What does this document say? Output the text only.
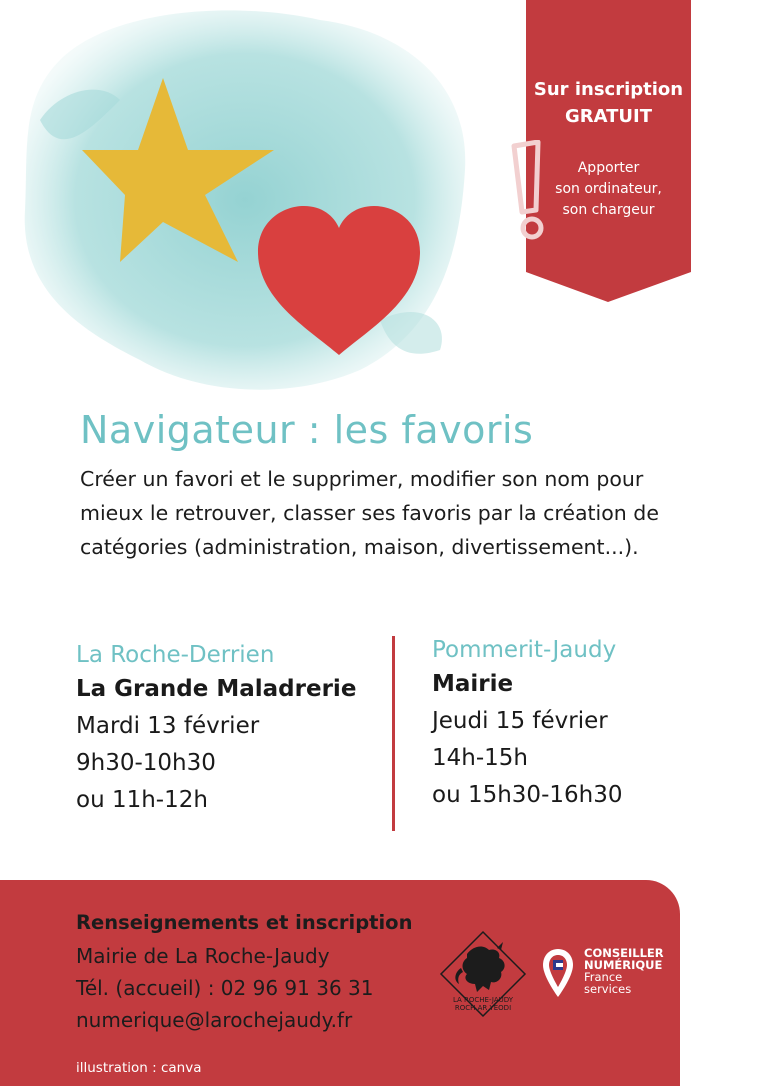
Sur inscription
GRATUIT
Apporter
son ordinateur,
son chargeur
Navigateur : les favoris
Créer un favori et le supprimer, modifier son nom pour mieux le retrouver, classer ses favoris par la création de catégories (administration, maison, divertissement...).
La Roche-Derrien
La Grande Maladrerie
Mardi 13 février
9h30-10h30
ou 11h-12h
Pommerit-Jaudy
Mairie
Jeudi 15 février
14h-15h
ou 15h30-16h30
Renseignements et inscription
Mairie de La Roche-Jaudy
Tél. (accueil) : 02 96 91 36 31
numerique@larochejaudy.fr
illustration : canva
LA ROCHE-JAUDY
ROCH AR YEODI
CONSEILLER
NUMÉRIQUE
France
services
